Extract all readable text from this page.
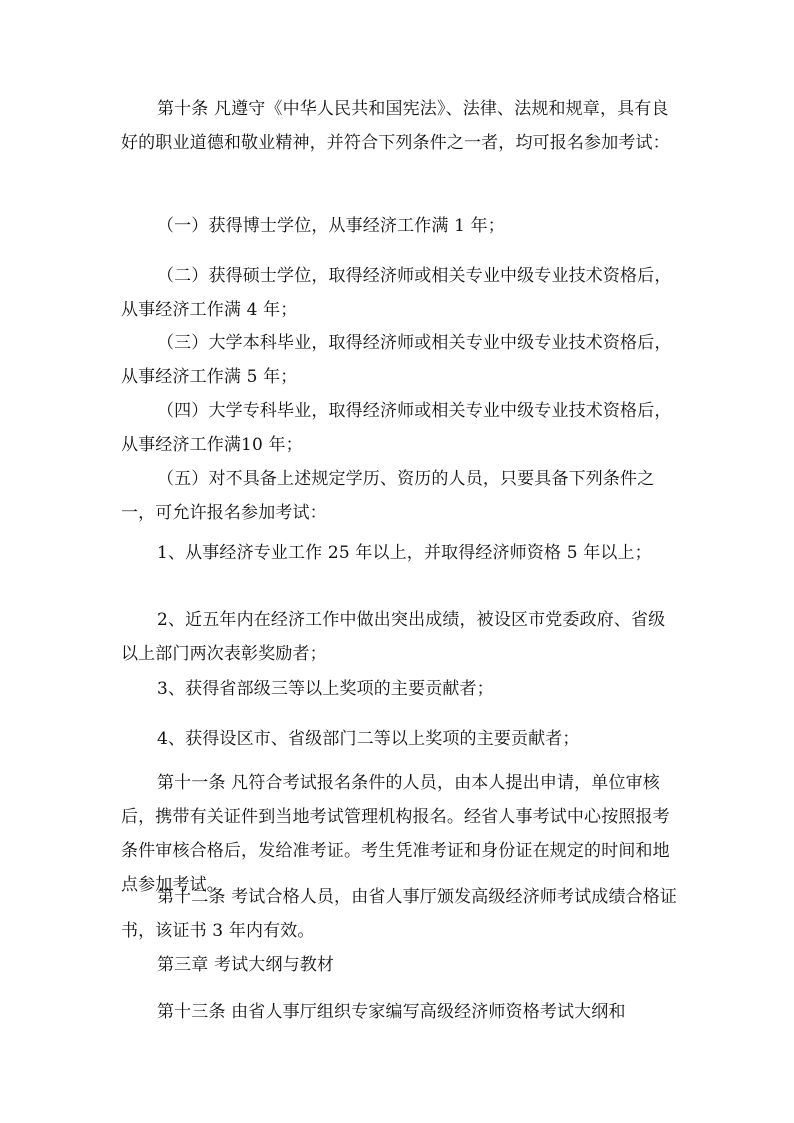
第十条 凡遵守《中华人民共和国宪法》、法律、法规和规章，具有良好的职业道德和敬业精神，并符合下列条件之一者，均可报名参加考试：

（一）获得博士学位，从事经济工作满 1 年；

（二）获得硕士学位，取得经济师或相关专业中级专业技术资格后，从事经济工作满 4 年；

（三）大学本科毕业，取得经济师或相关专业中级专业技术资格后，从事经济工作满 5 年；

（四）大学专科毕业，取得经济师或相关专业中级专业技术资格后，从事经济工作满10 年；

（五）对不具备上述规定学历、资历的人员，只要具备下列条件之一，可允许报名参加考试：

1、从事经济专业工作 25 年以上，并取得经济师资格 5 年以上；

2、近五年内在经济工作中做出突出成绩，被设区市党委政府、省级以上部门两次表彰奖励者；

3、获得省部级三等以上奖项的主要贡献者；

4、获得设区市、省级部门二等以上奖项的主要贡献者；

第十一条 凡符合考试报名条件的人员，由本人提出申请，单位审核后，携带有关证件到当地考试管理机构报名。经省人事考试中心按照报考条件审核合格后，发给准考证。考生凭准考证和身份证在规定的时间和地点参加考试。

第十二条 考试合格人员，由省人事厅颁发高级经济师考试成绩合格证书，该证书 3 年内有效。

第三章 考试大纲与教材

第十三条 由省人事厅组织专家编写高级经济师资格考试大纲和
